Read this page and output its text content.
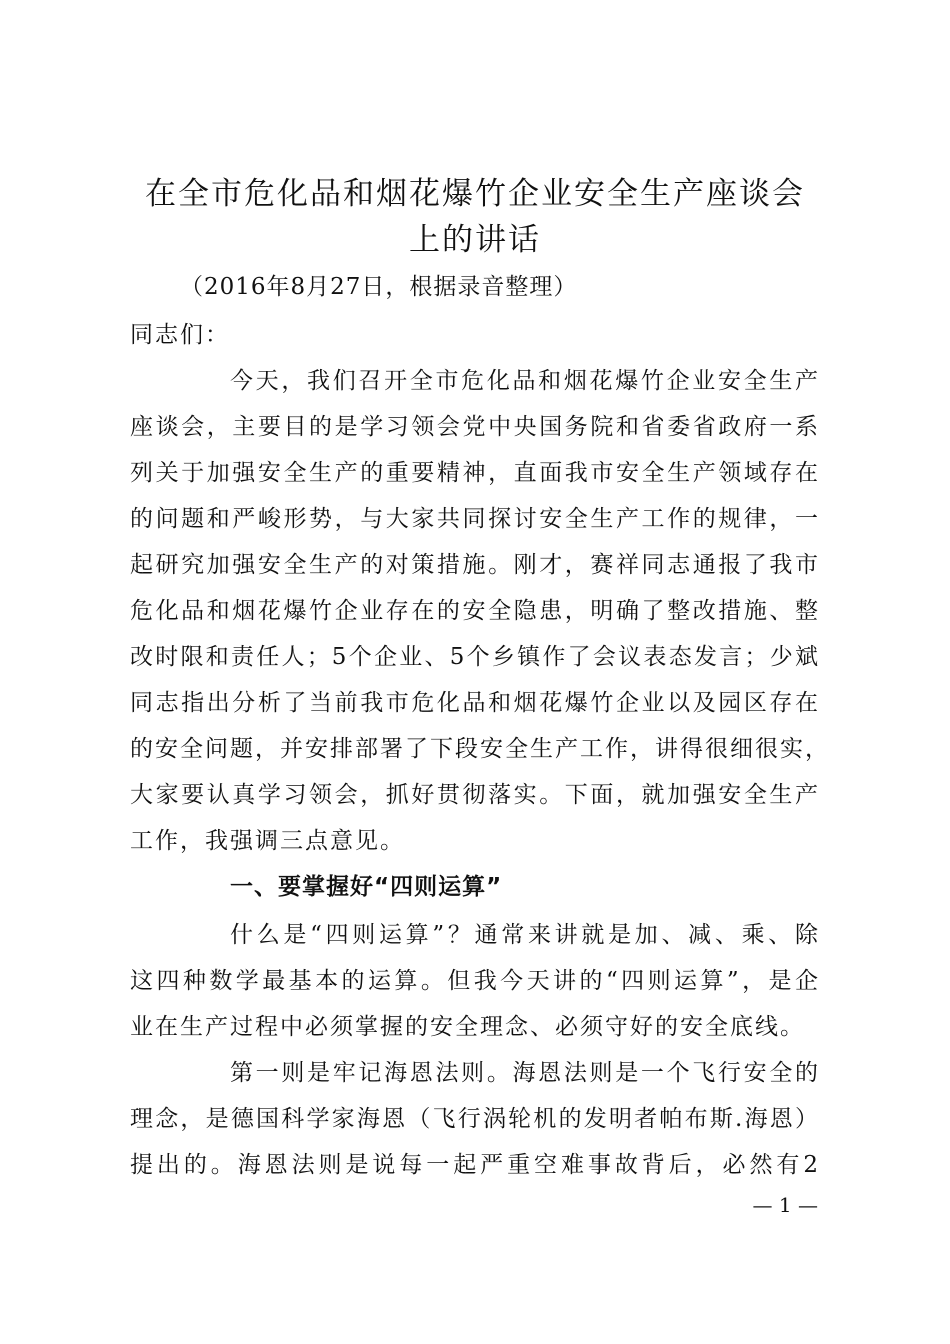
在全市危化品和烟花爆竹企业安全生产座谈会
上的讲话
（2016年8月27日，根据录音整理）
同志们：

今天，我们召开全市危化品和烟花爆竹企业安全生产

座谈会，主要目的是学习领会党中央国务院和省委省政府一系

列关于加强安全生产的重要精神，直面我市安全生产领域存在

的问题和严峻形势，与大家共同探讨安全生产工作的规律，一

起研究加强安全生产的对策措施。刚才，赛祥同志通报了我市

危化品和烟花爆竹企业存在的安全隐患，明确了整改措施、整

改时限和责任人；5个企业、5个乡镇作了会议表态发言；少斌

同志指出分析了当前我市危化品和烟花爆竹企业以及园区存在

的安全问题，并安排部署了下段安全生产工作，讲得很细很实，

大家要认真学习领会，抓好贯彻落实。下面，就加强安全生产

工作，我强调三点意见。

一、要掌握好“四则运算”

什么是“四则运算”？通常来讲就是加、减、乘、除

这四种数学最基本的运算。但我今天讲的“四则运算”，是企

业在生产过程中必须掌握的安全理念、必须守好的安全底线。

第一则是牢记海恩法则。海恩法则是一个飞行安全的

理念，是德国科学家海恩（飞行涡轮机的发明者帕布斯.海恩）

提出的。海恩法则是说每一起严重空难事故背后，必然有2

— 1 —
